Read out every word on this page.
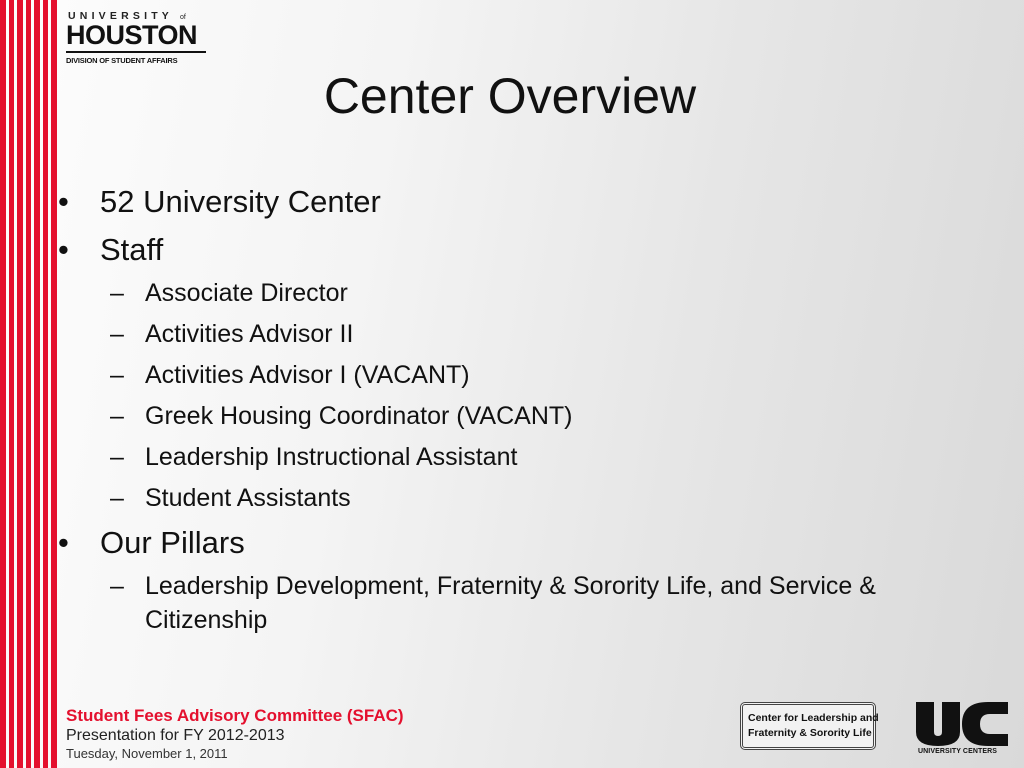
UNIVERSITY of
HOUSTON
DIVISION OF STUDENT AFFAIRS
Center Overview
•	52 University Center
•	Staff
– Associate Director
– Activities Advisor II
– Activities Advisor I (VACANT)
– Greek Housing Coordinator (VACANT)
– Leadership Instructional Assistant
– Student Assistants
•	Our Pillars
– Leadership Development, Fraternity & Sorority Life, and Service & Citizenship
Student Fees Advisory Committee (SFAC)
Presentation for FY 2012-2013
Tuesday, November 1, 2011
Center for Leadership and
Fraternity & Sorority Life
UNIVERSITY CENTERS
